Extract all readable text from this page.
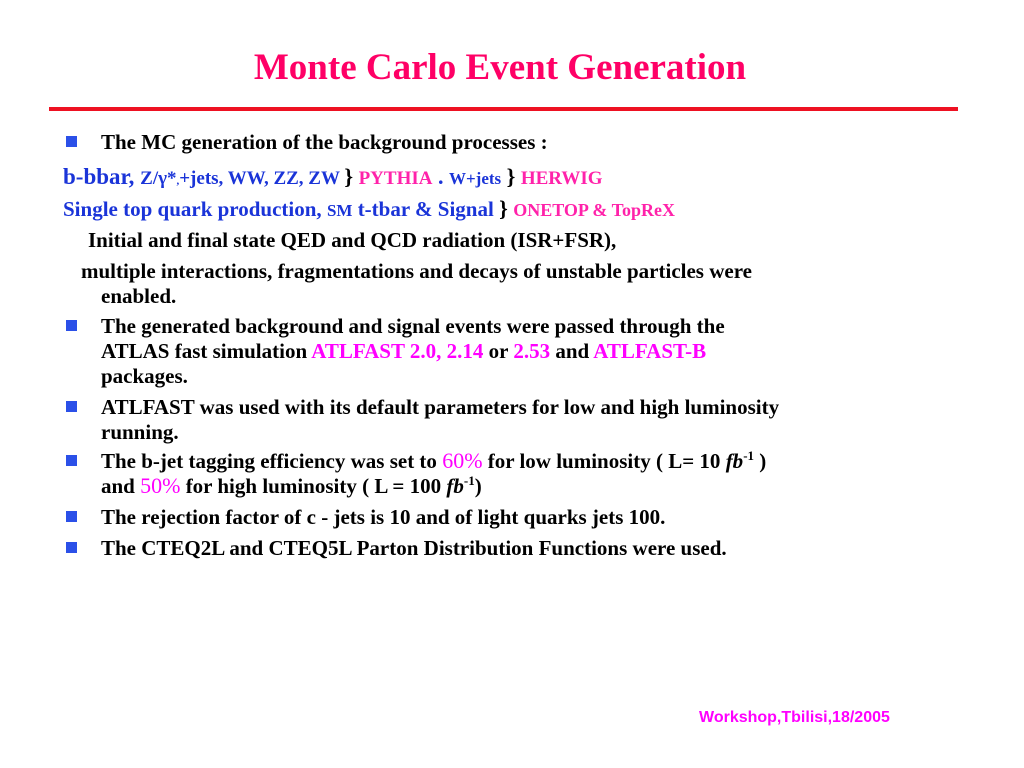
Monte Carlo Event Generation
The MC generation of the background processes :
b-bbar, Z/γ*,+jets, WW, ZZ, ZW } PYTHIA . W+jets } HERWIG
Single top quark production, SM t-tbar & Signal } ONETOP & TopReX
Initial and final state QED and QCD radiation (ISR+FSR),
multiple interactions, fragmentations and decays of unstable particles were
enabled.
The generated background and signal events were passed through the
ATLAS fast simulation ATLFAST 2.0, 2.14 or 2.53 and ATLFAST-B
packages.
ATLFAST was used with its default parameters for low and high luminosity
running.
The b-jet tagging efficiency was set to 60% for low luminosity ( L= 10 $fb^{-1}$ )
and 50% for high luminosity ( L = 100 $fb^{-1}$)
The rejection factor of c - jets is 10 and of light quarks jets 100.
The CTEQ2L and CTEQ5L Parton Distribution Functions were used.
Workshop,Tbilisi,18/2005
